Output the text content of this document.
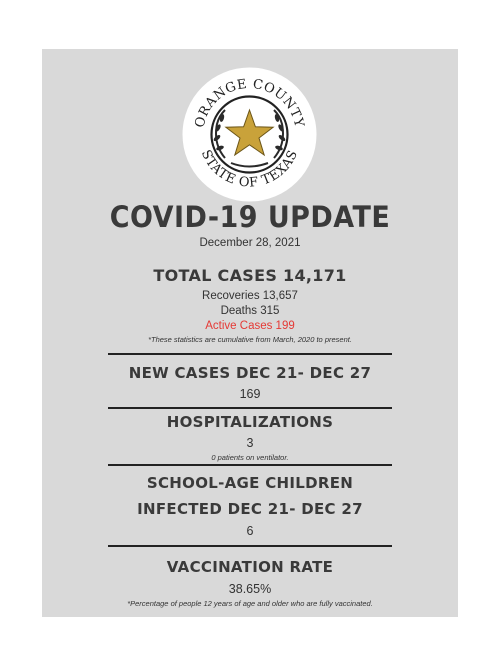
ORANGE COUNTY
STATE OF TEXAS
COVID-19 UPDATE
December 28, 2021
TOTAL CASES 14,171
Recoveries 13,657
Deaths 315
Active Cases 199
*These statistics are cumulative from March, 2020 to present.
NEW CASES DEC 21- DEC 27
169
HOSPITALIZATIONS
3
0 patients on ventilator.
SCHOOL-AGE CHILDREN
INFECTED DEC 21- DEC 27
6
VACCINATION RATE
38.65%
*Percentage of people 12 years of age and older who are fully vaccinated.
